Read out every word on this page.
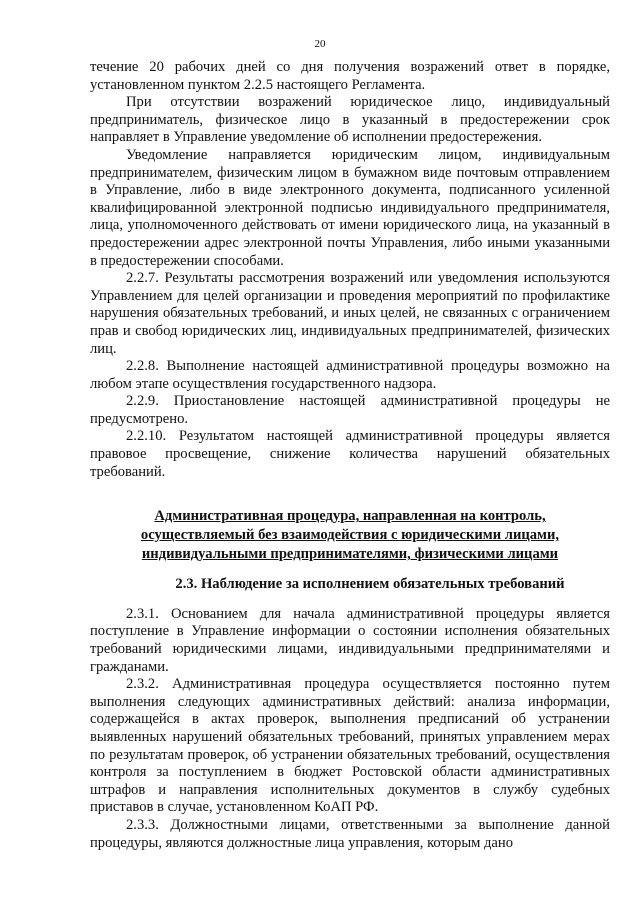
20

течение 20 рабочих дней со дня получения возражений ответ в порядке, установленном пунктом 2.2.5 настоящего Регламента.

При отсутствии возражений юридическое лицо, индивидуальный предприниматель, физическое лицо в указанный в предостережении срок направляет в Управление уведомление об исполнении предостережения.

Уведомление направляется юридическим лицом, индивидуальным предпринимателем, физическим лицом в бумажном виде почтовым отправлением в Управление, либо в виде электронного документа, подписанного усиленной квалифицированной электронной подписью индивидуального предпринимателя, лица, уполномоченного действовать от имени юридического лица, на указанный в предостережении адрес электронной почты Управления, либо иными указанными в предостережении способами.

2.2.7. Результаты рассмотрения возражений или уведомления используются Управлением для целей организации и проведения мероприятий по профилактике нарушения обязательных требований, и иных целей, не связанных с ограничением прав и свобод юридических лиц, индивидуальных предпринимателей, физических лиц.

2.2.8. Выполнение настоящей административной процедуры возможно на любом этапе осуществления государственного надзора.

2.2.9. Приостановление настоящей административной процедуры не предусмотрено.

2.2.10. Результатом настоящей административной процедуры является правовое просвещение, снижение количества нарушений обязательных требований.

Административная процедура, направленная на контроль,
осуществляемый без взаимодействия с юридическими лицами,
индивидуальными предпринимателями, физическими лицами
2.3. Наблюдение за исполнением обязательных требований

2.3.1. Основанием для начала административной процедуры является поступление в Управление информации о состоянии исполнения обязательных требований юридическими лицами, индивидуальными предпринимателями и гражданами.

2.3.2. Административная процедура осуществляется постоянно путем выполнения следующих административных действий: анализа информации, содержащейся в актах проверок, выполнения предписаний об устранении выявленных нарушений обязательных требований, принятых управлением мерах по результатам проверок, об устранении обязательных требований, осуществления контроля за поступлением в бюджет Ростовской области административных штрафов и направления исполнительных документов в службу судебных приставов в случае, установленном КоАП РФ.

2.3.3. Должностными лицами, ответственными за выполнение данной процедуры, являются должностные лица управления, которым дано
